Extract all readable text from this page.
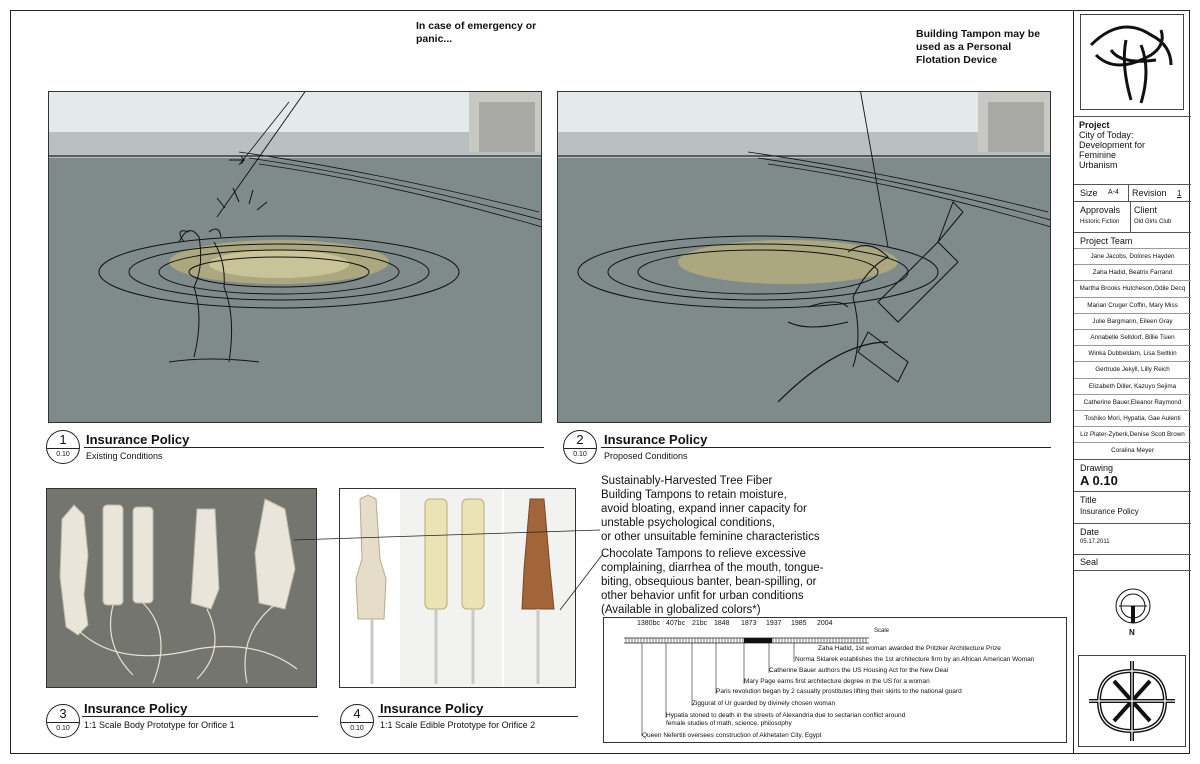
In case of emergency or
panic...	Building Tampon may be
used as a Personal
Flotation Device
1
0.10
Insurance Policy
Existing Conditions
2
0.10
Insurance Policy
Proposed Conditions
3
0.10
Insurance Policy
1:1 Scale Body Prototype for Orifice 1
4
0.10
Insurance Policy
1:1 Scale Edible Prototype for Orifice 2
Sustainably-Harvested Tree Fiber
Building Tampons to retain moisture,
avoid bloating, expand inner capacity for
unstable psychological conditions,
or other unsuitable feminine characteristics
Chocolate Tampons to relieve excessive
complaining, diarrhea of the mouth, tongue-
biting, obsequious banter, bean-spilling, or
other behavior unfit for urban conditions
(Available in globalized colors*)
1380bc 407bc 21bc 1848 1873 1937 1985 2004
Scale
Zaha Hadid, 1st woman awarded the Pritzker Architecture Prize
Norma Sklarek establishes the 1st architecture firm by an African American Woman
Catherine Bauer authors the US Housing Act for the New Deal
Mary Page earns first architecture degree in the US for a woman
Paris revolution began by 2 casualty prostitutes lifting their skirts to the national guard
Ziggurat of Ur guarded by divinely chosen woman
Hypatia stoned to death in the streets of Alexandria due to sectarian conflict around
female studies of math, science, philosophy
Queen Nefertiti oversees construction of Akhetaten City, Egypt
Project
City of Today:
Development for
Feminine
Urbanism
Size A-4 Revision 1
Approvals
Historic Fiction
Client
Old Girls Club
Project Team
Jane Jacobs, Dolores Hayden
Zaha Hadid, Beatrix Farrand
Martha Brooks Hutcheson,Odile Decq
Marian Cruger Coffin, Mary Miss
Julie Bargmann, Eileen Gray
Annabelle Selldorf, Billie Tsien
Winka Dubbeldam, Lisa Switkin
Gertrude Jekyll, Lilly Reich
Elizabeth Diller, Kazuyo Sejima
Catherine Bauer,Eleanor Raymond
Toshiko Mori, Hypatia, Gae Aulenti
Liz Plater-Zyberk,Denise Scott Brown
Coralina Meyer
Drawing
A 0.10
Title
Insurance Policy
Date
05.17.2011
Seal
N
